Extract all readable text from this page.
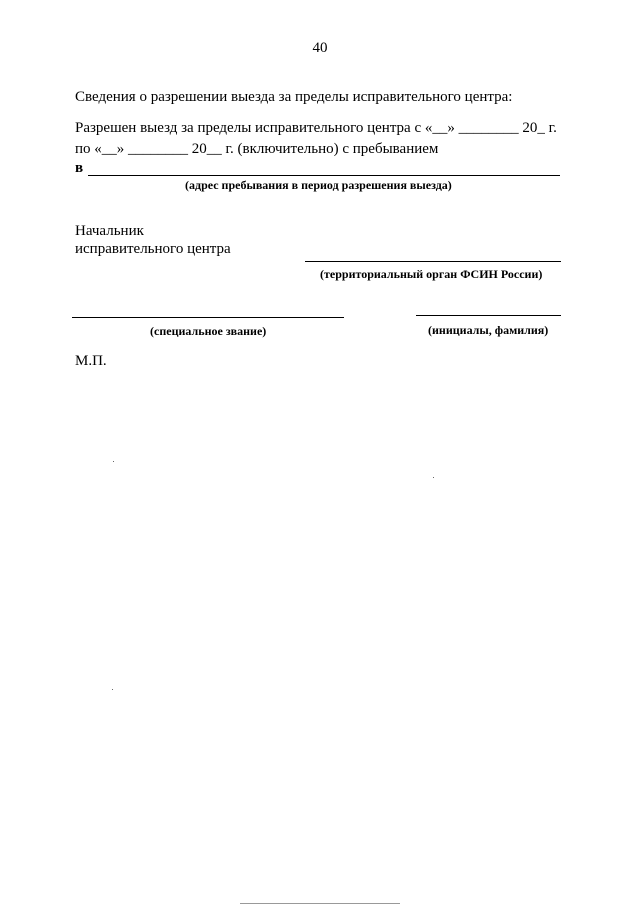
40
Сведения о разрешении выезда за пределы исправительного центра:
Разрешен выезд за пределы исправительного центра с «__» ________ 20_ г.
по «__» ________ 20__ г. (включительно) с пребыванием
в
(адрес пребывания в период разрешения выезда)
Начальник
исправительного центра
(территориальный орган ФСИН России)
(специальное звание)	(инициалы, фамилия)
М.П.
